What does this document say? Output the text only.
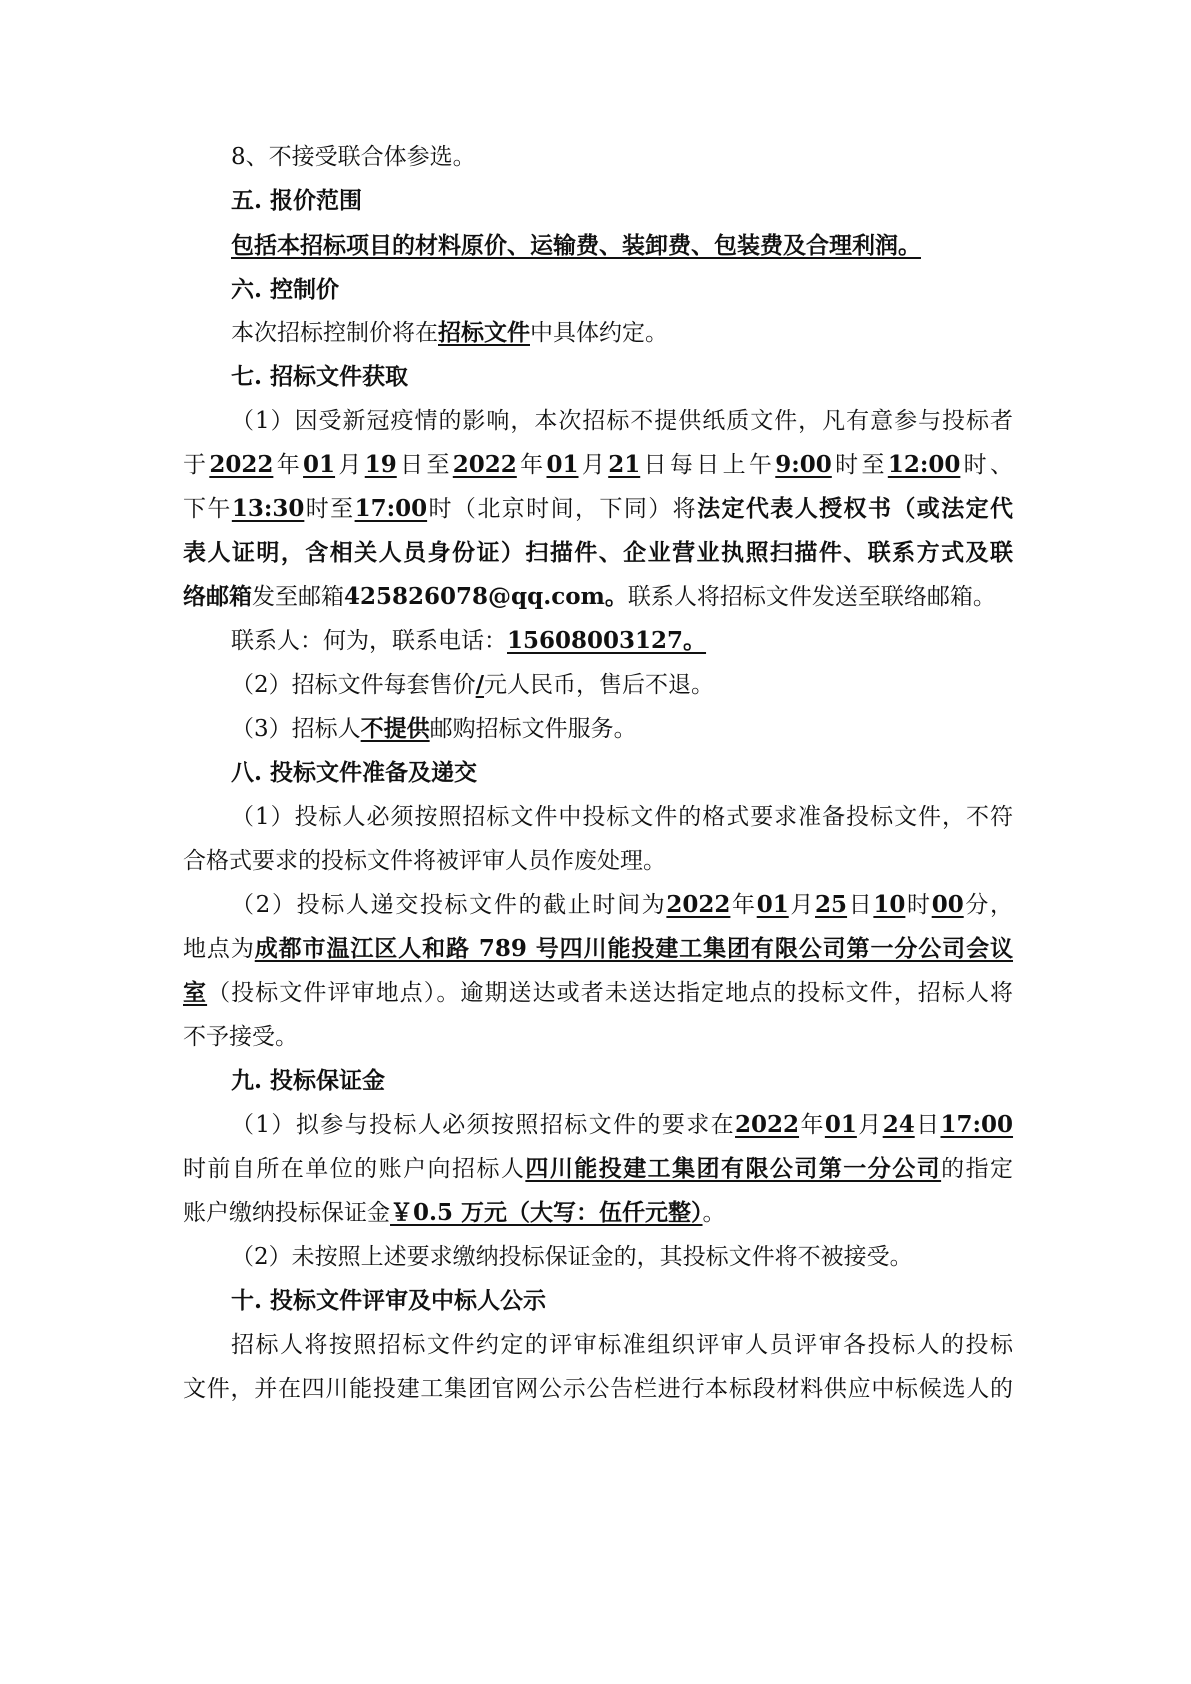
8、不接受联合体参选。
五. 报价范围
包括本招标项目的材料原价、运输费、装卸费、包装费及合理利润。
六. 控制价
本次招标控制价将在招标文件中具体约定。
七. 招标文件获取
（1）因受新冠疫情的影响，本次招标不提供纸质文件，凡有意参与投标者
于2022年01月19日至2022年01月21日每日上午9:00时至12:00时、
下午13:30时至17:00时（北京时间，下同）将法定代表人授权书（或法定代
表人证明，含相关人员身份证）扫描件、企业营业执照扫描件、联系方式及联
络邮箱发至邮箱425826078@qq.com。联系人将招标文件发送至联络邮箱。
联系人：何为，联系电话：15608003127。
（2）招标文件每套售价/元人民币，售后不退。
（3）招标人不提供邮购招标文件服务。
八. 投标文件准备及递交
（1）投标人必须按照招标文件中投标文件的格式要求准备投标文件，不符
合格式要求的投标文件将被评审人员作废处理。
（2）投标人递交投标文件的截止时间为2022年01月25日10时00分，
地点为成都市温江区人和路 789 号四川能投建工集团有限公司第一分公司会议
室（投标文件评审地点）。逾期送达或者未送达指定地点的投标文件，招标人将
不予接受。
九. 投标保证金
（1）拟参与投标人必须按照招标文件的要求在2022年01月24日17:00
时前自所在单位的账户向招标人四川能投建工集团有限公司第一分公司的指定
账户缴纳投标保证金￥0.5 万元（大写：伍仟元整）。
（2）未按照上述要求缴纳投标保证金的，其投标文件将不被接受。
十. 投标文件评审及中标人公示
招标人将按照招标文件约定的评审标准组织评审人员评审各投标人的投标
文件，并在四川能投建工集团官网公示公告栏进行本标段材料供应中标候选人的
